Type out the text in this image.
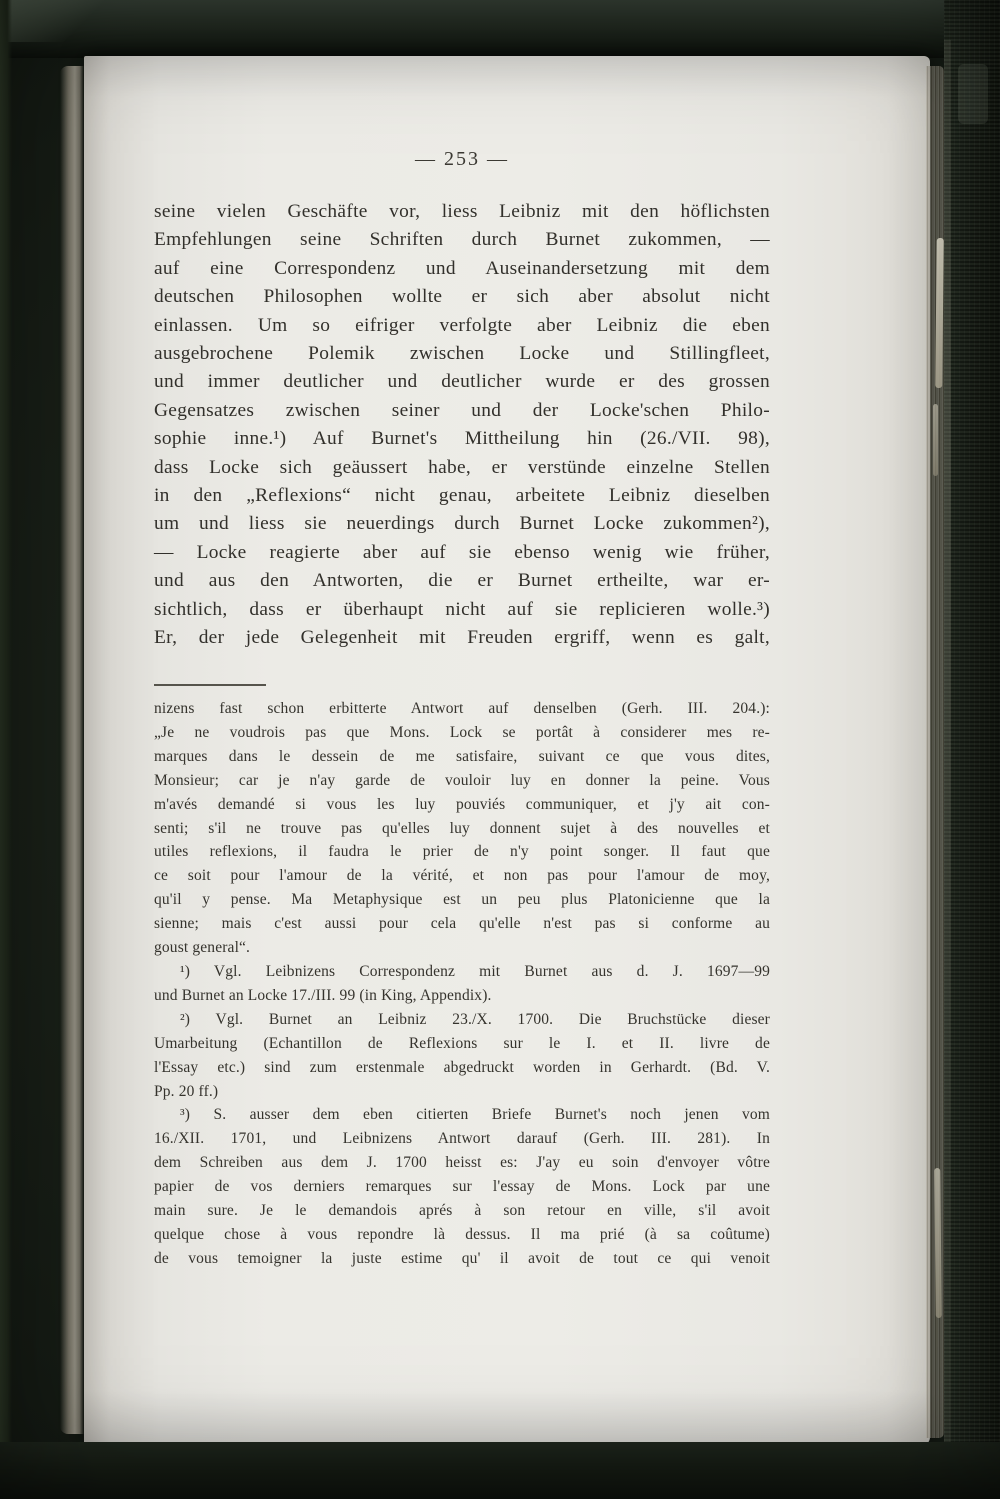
— 253 —
seine vielen Geschäfte vor, liess Leibniz mit den höflichsten
Empfehlungen seine Schriften durch Burnet zukommen, —
auf eine Correspondenz und Auseinandersetzung mit dem
deutschen Philosophen wollte er sich aber absolut nicht
einlassen. Um so eifriger verfolgte aber Leibniz die eben
ausgebrochene Polemik zwischen Locke und Stillingfleet,
und immer deutlicher und deutlicher wurde er des grossen
Gegensatzes zwischen seiner und der Locke'schen Philo-
sophie inne.¹) Auf Burnet's Mittheilung hin (26./VII. 98),
dass Locke sich geäussert habe, er verstünde einzelne Stellen
in den „Reflexions“ nicht genau, arbeitete Leibniz dieselben
um und liess sie neuerdings durch Burnet Locke zukommen²),
— Locke reagierte aber auf sie ebenso wenig wie früher,
und aus den Antworten, die er Burnet ertheilte, war er-
sichtlich, dass er überhaupt nicht auf sie replicieren wolle.³)
Er, der jede Gelegenheit mit Freuden ergriff, wenn es galt,
nizens fast schon erbitterte Antwort auf denselben (Gerh. III. 204.):
„Je ne voudrois pas que Mons. Lock se portât à considerer mes re-
marques dans le dessein de me satisfaire, suivant ce que vous dites,
Monsieur; car je n'ay garde de vouloir luy en donner la peine. Vous
m'avés demandé si vous les luy pouviés communiquer, et j'y ait con-
senti; s'il ne trouve pas qu'elles luy donnent sujet à des nouvelles et
utiles reflexions, il faudra le prier de n'y point songer. Il faut que
ce soit pour l'amour de la vérité, et non pas pour l'amour de moy,
qu'il y pense. Ma Metaphysique est un peu plus Platonicienne que la
sienne; mais c'est aussi pour cela qu'elle n'est pas si conforme au
goust general“.
¹) Vgl. Leibnizens Correspondenz mit Burnet aus d. J. 1697—99
und Burnet an Locke 17./III. 99 (in King, Appendix).
²) Vgl. Burnet an Leibniz 23./X. 1700. Die Bruchstücke dieser
Umarbeitung (Echantillon de Reflexions sur le I. et II. livre de
l'Essay etc.) sind zum erstenmale abgedruckt worden in Gerhardt. (Bd. V.
Pp. 20 ff.)
³) S. ausser dem eben citierten Briefe Burnet's noch jenen vom
16./XII. 1701, und Leibnizens Antwort darauf (Gerh. III. 281). In
dem Schreiben aus dem J. 1700 heisst es: J'ay eu soin d'envoyer vôtre
papier de vos derniers remarques sur l'essay de Mons. Lock par une
main sure. Je le demandois aprés à son retour en ville, s'il avoit
quelque chose à vous repondre là dessus. Il ma prié (à sa coûtume)
de vous temoigner la juste estime qu' il avoit de tout ce qui venoit
